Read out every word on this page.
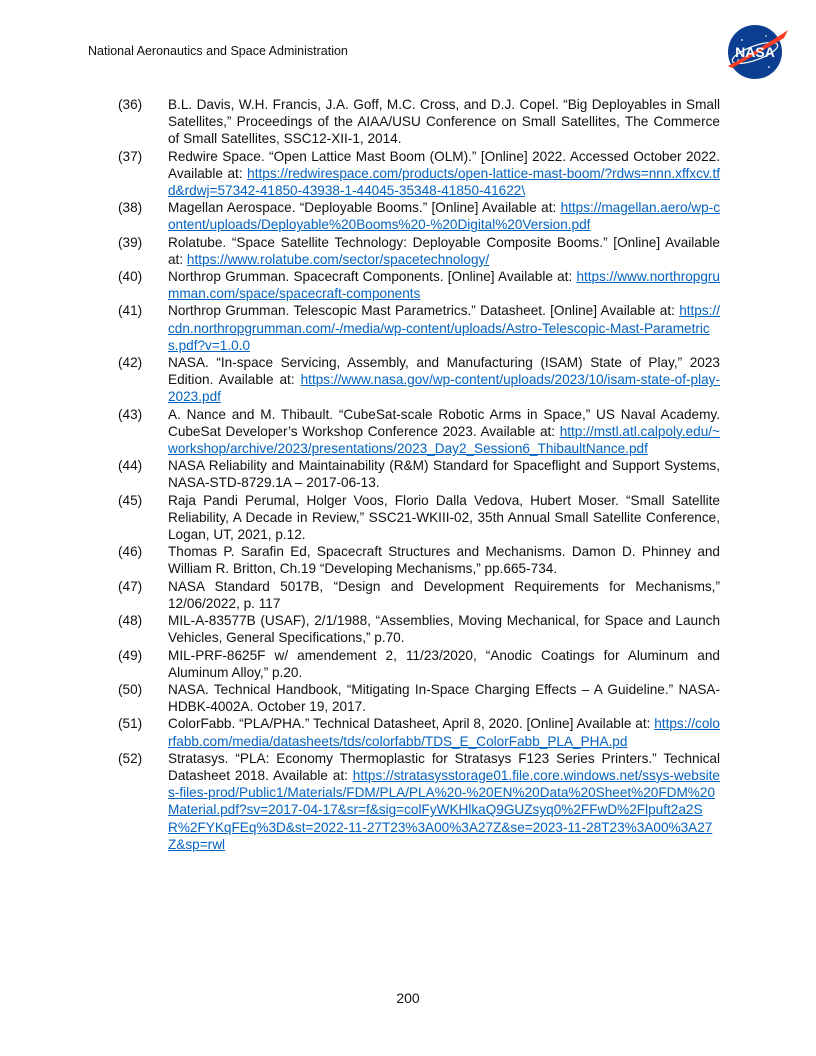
National Aeronautics and Space Administration	NASA
(36)	B.L. Davis, W.H. Francis, J.A. Goff, M.C. Cross, and D.J. Copel. “Big Deployables in Small Satellites,” Proceedings of the AIAA/USU Conference on Small Satellites, The Commerce of Small Satellites, SSC12-XII-1, 2014.
(37)	Redwire Space. “Open Lattice Mast Boom (OLM).” [Online] 2022. Accessed October 2022. Available at: https://redwirespace.com/products/open-lattice-mast-boom/?rdws=nnn.xffxcv.tfd&rdwj=57342-41850-43938-1-44045-35348-41850-41622\
(38)	Magellan Aerospace. “Deployable Booms.” [Online] Available at: https://magellan.aero/wp-content/uploads/Deployable%20Booms%20-%20Digital%20Version.pdf
(39)	Rolatube. “Space Satellite Technology: Deployable Composite Booms.” [Online] Available at: https://www.rolatube.com/sector/spacetechnology/
(40)	Northrop Grumman. Spacecraft Components. [Online] Available at: https://www.northropgrumman.com/space/spacecraft-components
(41)	Northrop Grumman. Telescopic Mast Parametrics.” Datasheet. [Online] Available at: https://cdn.northropgrumman.com/-/media/wp-content/uploads/Astro-Telescopic-Mast-Parametrics.pdf?v=1.0.0
(42)	NASA. “In-space Servicing, Assembly, and Manufacturing (ISAM) State of Play,” 2023 Edition. Available at: https://www.nasa.gov/wp-content/uploads/2023/10/isam-state-of-play-2023.pdf
(43)	A. Nance and M. Thibault. “CubeSat-scale Robotic Arms in Space,” US Naval Academy. CubeSat Developer’s Workshop Conference 2023. Available at: http://mstl.atl.calpoly.edu/~workshop/archive/2023/presentations/2023_Day2_Session6_ThibaultNance.pdf
(44)	NASA Reliability and Maintainability (R&M) Standard for Spaceflight and Support Systems, NASA-STD-8729.1A – 2017-06-13.
(45)	Raja Pandi Perumal, Holger Voos, Florio Dalla Vedova, Hubert Moser. “Small Satellite Reliability, A Decade in Review,” SSC21-WKIII-02, 35th Annual Small Satellite Conference, Logan, UT, 2021, p.12.
(46)	Thomas P. Sarafin Ed, Spacecraft Structures and Mechanisms. Damon D. Phinney and William R. Britton, Ch.19 “Developing Mechanisms,” pp.665-734.
(47)	NASA Standard 5017B, “Design and Development Requirements for Mechanisms,” 12/06/2022, p. 117
(48)	MIL-A-83577B (USAF), 2/1/1988, “Assemblies, Moving Mechanical, for Space and Launch Vehicles, General Specifications,” p.70.
(49)	MIL-PRF-8625F w/ amendement 2, 11/23/2020, “Anodic Coatings for Aluminum and Aluminum Alloy,” p.20.
(50)	NASA. Technical Handbook, “Mitigating In-Space Charging Effects – A Guideline.” NASA-HDBK-4002A. October 19, 2017.
(51)	ColorFabb. “PLA/PHA.” Technical Datasheet, April 8, 2020. [Online] Available at: https://colorfabb.com/media/datasheets/tds/colorfabb/TDS_E_ColorFabb_PLA_PHA.pd
(52)	Stratasys. “PLA: Economy Thermoplastic for Stratasys F123 Series Printers.” Technical Datasheet 2018. Available at: https://stratasysstorage01.file.core.windows.net/ssys-websites-files-prod/Public1/Materials/FDM/PLA/PLA%20-%20EN%20Data%20Sheet%20FDM%20Material.pdf?sv=2017-04-17&sr=f&sig=colFyWKHlkaQ9GUZsyq0%2FFwD%2Flpuft2a2SR%2FYKqFEq%3D&st=2022-11-27T23%3A00%3A27Z&se=2023-11-28T23%3A00%3A27Z&sp=rwl
200
